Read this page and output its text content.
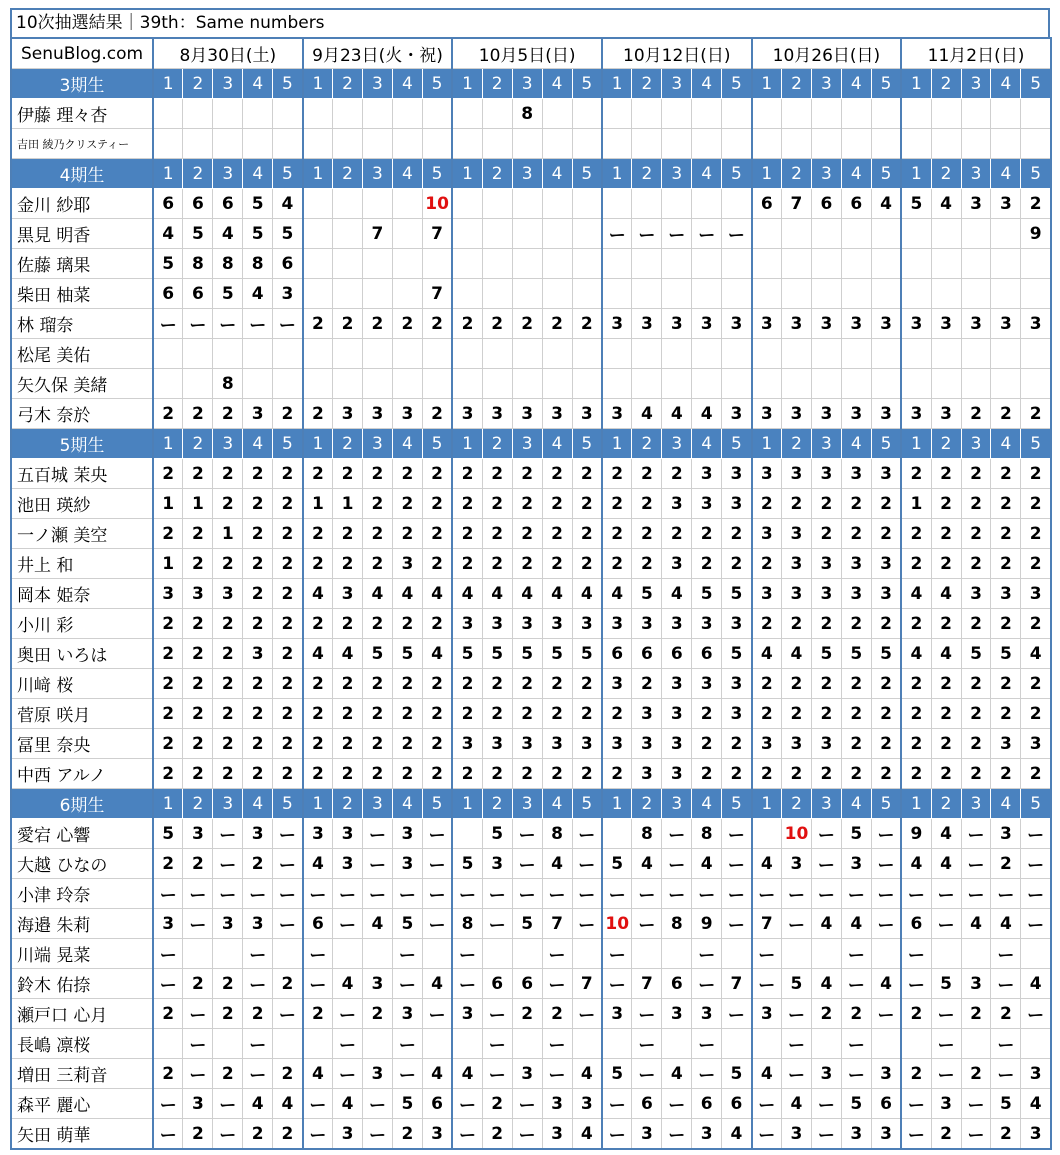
10次抽選結果｜39th：Same numbers
SenuBlog.com	8月30日(土)					9月23日(火・祝)					10月5日(日)					10月12日(日)					10月26日(日)					11月2日(日)				
3期生	1	2	3	4	5	1	2	3	4	5	1	2	3	4	5	1	2	3	4	5	1	2	3	4	5	1	2	3	4	5
伊藤 理々杏													8																	
吉田 綾乃クリスティー																														
4期生	1	2	3	4	5	1	2	3	4	5	1	2	3	4	5	1	2	3	4	5	1	2	3	4	5	1	2	3	4	5
金川 紗耶	6	6	6	5	4					10											6	7	6	6	4	5	4	3	3	2
黒見 明香	4	5	4	5	5			7		7						ー	ー	ー	ー	ー										9
佐藤 璃果	5	8	8	8	6																									
柴田 柚菜	6	6	5	4	3					7																				
林 瑠奈	ー	ー	ー	ー	ー	2	2	2	2	2	2	2	2	2	2	3	3	3	3	3	3	3	3	3	3	3	3	3	3	3
松尾 美佑																														
矢久保 美緒			8																											
弓木 奈於	2	2	2	3	2	2	3	3	3	2	3	3	3	3	3	3	4	4	4	3	3	3	3	3	3	3	3	2	2	2
5期生	1	2	3	4	5	1	2	3	4	5	1	2	3	4	5	1	2	3	4	5	1	2	3	4	5	1	2	3	4	5
五百城 茉央	2	2	2	2	2	2	2	2	2	2	2	2	2	2	2	2	2	2	3	3	3	3	3	3	3	2	2	2	2	2
池田 瑛紗	1	1	2	2	2	1	1	2	2	2	2	2	2	2	2	2	2	3	3	3	2	2	2	2	2	1	2	2	2	2
一ノ瀬 美空	2	2	1	2	2	2	2	2	2	2	2	2	2	2	2	2	2	2	2	2	3	3	2	2	2	2	2	2	2	2
井上 和	1	2	2	2	2	2	2	2	3	2	2	2	2	2	2	2	2	3	2	2	2	3	3	3	3	2	2	2	2	2
岡本 姫奈	3	3	3	2	2	4	3	4	4	4	4	4	4	4	4	4	5	4	5	5	3	3	3	3	3	4	4	3	3	3
小川 彩	2	2	2	2	2	2	2	2	2	2	3	3	3	3	3	3	3	3	3	3	2	2	2	2	2	2	2	2	2	2
奥田 いろは	2	2	2	3	2	4	4	5	5	4	5	5	5	5	5	6	6	6	6	5	4	4	5	5	5	4	4	5	5	4
川﨑 桜	2	2	2	2	2	2	2	2	2	2	2	2	2	2	2	3	2	3	3	3	2	2	2	2	2	2	2	2	2	2
菅原 咲月	2	2	2	2	2	2	2	2	2	2	2	2	2	2	2	2	3	3	2	3	2	2	2	2	2	2	2	2	2	2
冨里 奈央	2	2	2	2	2	2	2	2	2	2	3	3	3	3	3	3	3	3	2	2	3	3	3	2	2	2	2	2	3	3
中西 アルノ	2	2	2	2	2	2	2	2	2	2	2	2	2	2	2	2	3	3	2	2	2	2	2	2	2	2	2	2	2	2
6期生	1	2	3	4	5	1	2	3	4	5	1	2	3	4	5	1	2	3	4	5	1	2	3	4	5	1	2	3	4	5
愛宕 心響	5	3	ー	3	ー	3	3	ー	3	ー		5	ー	8	ー		8	ー	8	ー		10	ー	5	ー	9	4	ー	3	ー
大越 ひなの	2	2	ー	2	ー	4	3	ー	3	ー	5	3	ー	4	ー	5	4	ー	4	ー	4	3	ー	3	ー	4	4	ー	2	ー
小津 玲奈	ー	ー	ー	ー	ー	ー	ー	ー	ー	ー	ー	ー	ー	ー	ー	ー	ー	ー	ー	ー	ー	ー	ー	ー	ー	ー	ー	ー	ー	ー
海邉 朱莉	3	ー	3	3	ー	6	ー	4	5	ー	8	ー	5	7	ー	10	ー	8	9	ー	7	ー	4	4	ー	6	ー	4	4	ー
川端 晃菜	ー			ー		ー			ー		ー			ー		ー			ー		ー			ー		ー			ー	
鈴木 佑捺	ー	2	2	ー	2	ー	4	3	ー	4	ー	6	6	ー	7	ー	7	6	ー	7	ー	5	4	ー	4	ー	5	3	ー	4
瀬戸口 心月	2	ー	2	2	ー	2	ー	2	3	ー	3	ー	2	2	ー	3	ー	3	3	ー	3	ー	2	2	ー	2	ー	2	2	ー
長嶋 凛桜		ー		ー			ー		ー			ー		ー			ー		ー			ー		ー			ー		ー	
増田 三莉音	2	ー	2	ー	2	4	ー	3	ー	4	4	ー	3	ー	4	5	ー	4	ー	5	4	ー	3	ー	3	2	ー	2	ー	3
森平 麗心	ー	3	ー	4	4	ー	4	ー	5	6	ー	2	ー	3	3	ー	6	ー	6	6	ー	4	ー	5	6	ー	3	ー	5	4
矢田 萌華	ー	2	ー	2	2	ー	3	ー	2	3	ー	2	ー	3	4	ー	3	ー	3	4	ー	3	ー	3	3	ー	2	ー	2	3
